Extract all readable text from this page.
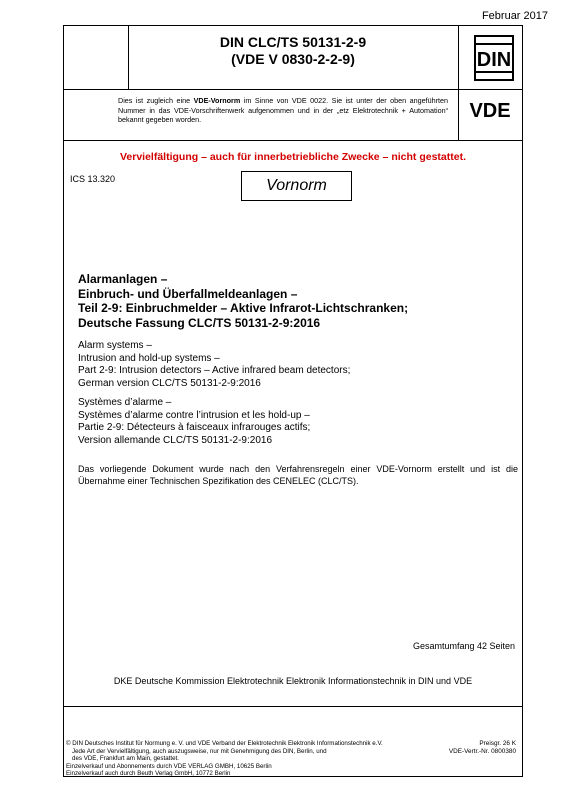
Februar 2017
DIN CLC/TS 50131-2-9
(VDE V 0830-2-2-9)	DIN
Dies ist zugleich eine VDE-Vornorm im Sinne von VDE 0022. Sie ist unter der oben angeführten Nummer in das VDE-Vorschriftenwerk aufgenommen und in der „etz Elektrotechnik + Automation“ bekannt gegeben worden.	VDE
Vervielfältigung – auch für innerbetriebliche Zwecke – nicht gestattet.
ICS 13.320	Vornorm
Alarmanlagen –
Einbruch- und Überfallmeldeanlagen –
Teil 2-9: Einbruchmelder – Aktive Infrarot-Lichtschranken;
Deutsche Fassung CLC/TS 50131-2-9:2016
Alarm systems –
Intrusion and hold-up systems –
Part 2-9: Intrusion detectors – Active infrared beam detectors;
German version CLC/TS 50131-2-9:2016
Systèmes d’alarme –
Systèmes d’alarme contre l’intrusion et les hold-up –
Partie 2-9: Détecteurs à faisceaux infrarouges actifs;
Version allemande CLC/TS 50131-2-9:2016
Das vorliegende Dokument wurde nach den Verfahrensregeln einer VDE-Vornorm erstellt und ist die Übernahme einer Technischen Spezifikation des CENELEC (CLC/TS).
Gesamtumfang 42 Seiten
DKE Deutsche Kommission Elektrotechnik Elektronik Informationstechnik in DIN und VDE
© DIN Deutsches Institut für Normung e. V. und VDE Verband der Elektrotechnik Elektronik Informationstechnik e.V.
Jede Art der Vervielfältigung, auch auszugsweise, nur mit Genehmigung des DIN, Berlin, und
des VDE, Frankfurt am Main, gestattet.
Einzelverkauf und Abonnements durch VDE VERLAG GMBH, 10625 Berlin
Einzelverkauf auch durch Beuth Verlag GmbH, 10772 Berlin
Preisgr. 26 K
VDE-Vertr.-Nr. 0800380
